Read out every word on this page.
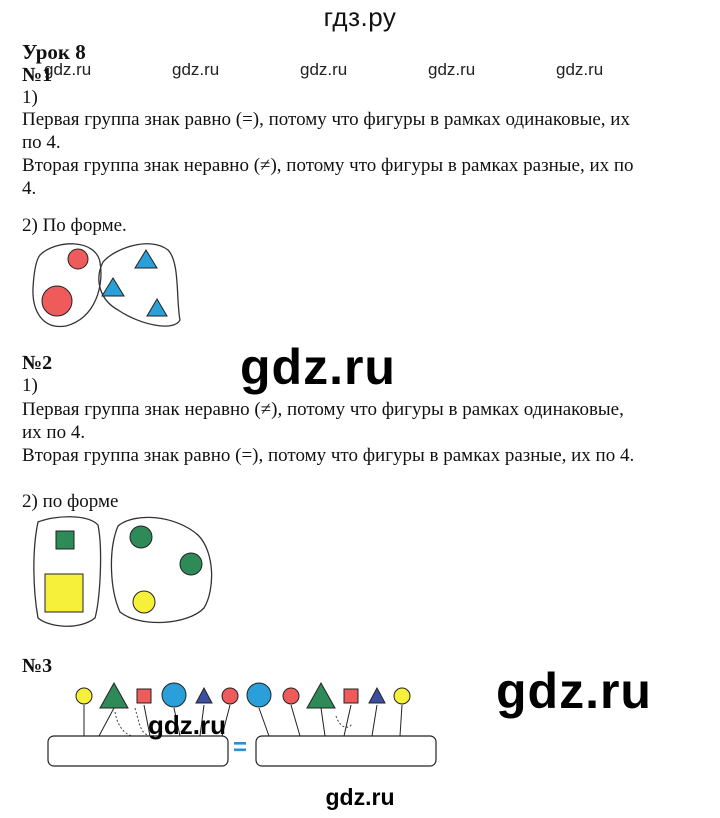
гдз.ру
Урок 8
gdz.ru	gdz.ru	gdz.ru	gdz.ru	gdz.ru
№1
1)
Первая группа знак равно (=), потому что фигуры в рамках одинаковые, их
по 4.
Вторая группа знак неравно (≠), потому что фигуры в рамках разные, их по
4.
2) По форме.
gdz.ru
№2
1)
Первая группа знак неравно (≠), потому что фигуры в рамках одинаковые,
их по 4.
Вторая группа знак равно (=), потому что фигуры в рамках разные, их по 4.
2) по форме
№3	gdz.ru
=
gdz.ru
gdz.ru
